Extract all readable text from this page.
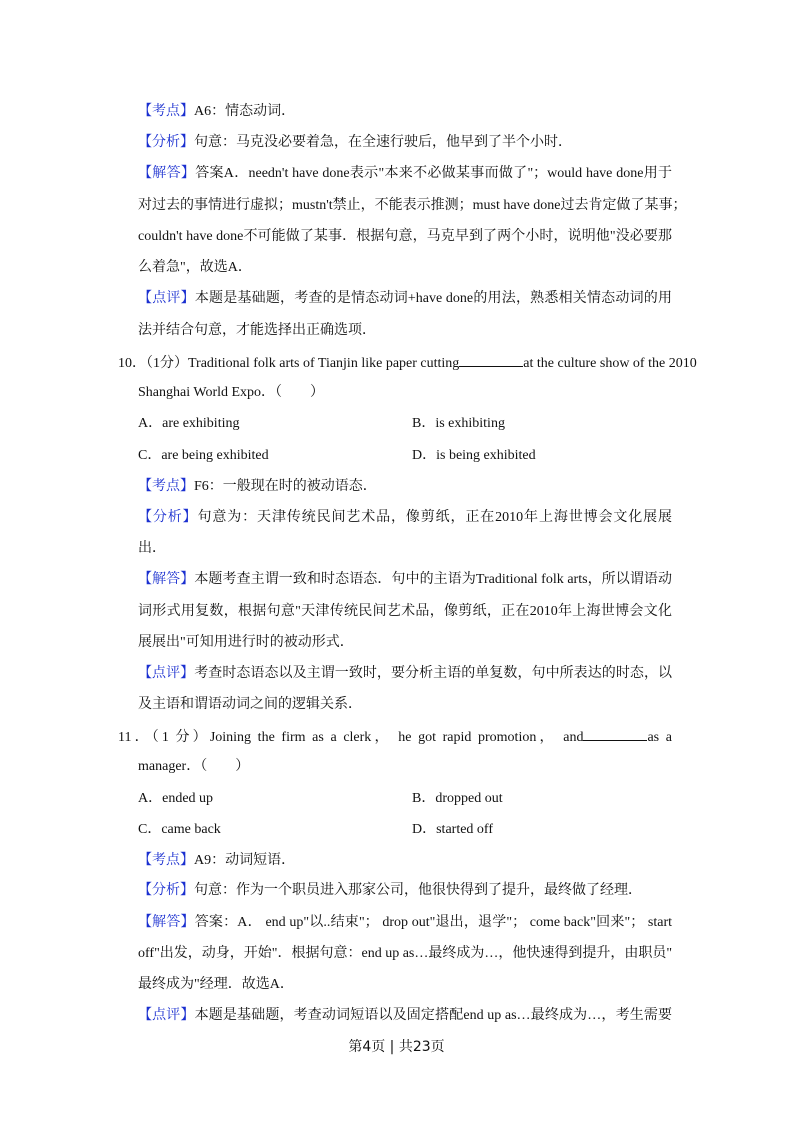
【考点】A6：情态动词．
【分析】句意：马克没必要着急，在全速行驶后，他早到了半个小时．
【解答】答案A．needn't have done表示"本来不必做某事而做了"；would have done用于
对过去的事情进行虚拟；mustn't禁止，不能表示推测；must have done过去肯定做了某事；
couldn't have done不可能做了某事．根据句意，马克早到了两个小时，说明他"没必要那
么着急"，故选A．
【点评】本题是基础题，考查的是情态动词+have done的用法，熟悉相关情态动词的用
法并结合句意，才能选择出正确选项．
10．（1分）Traditional folk arts of Tianjin like paper cutting	at the culture show of the 2010
Shanghai World Expo．（　　）
A．are exhibiting	B．is exhibiting
C．are being exhibited	D．is being exhibited
【考点】F6：一般现在时的被动语态．
【分析】句意为：天津传统民间艺术品，像剪纸，正在2010年上海世博会文化展展
出．
【解答】本题考查主谓一致和时态语态．句中的主语为Traditional folk arts，所以谓语动
词形式用复数，根据句意"天津传统民间艺术品，像剪纸，正在2010年上海世博会文化
展展出"可知用进行时的被动形式．
【点评】考查时态语态以及主谓一致时，要分析主语的单复数，句中所表达的时态，以
及主语和谓语动词之间的逻辑关系．
11．（1 分）Joining the firm as a clerk， he got rapid promotion， and	as a
manager．（　　）
A．ended up	B．dropped out
C．came back	D．started off
【考点】A9：动词短语．
【分析】句意：作为一个职员进入那家公司，他很快得到了提升，最终做了经理．
【解答】答案：A． end up"以..结束"； drop out"退出，退学"； come back"回来"； start
off"出发，动身，开始"．根据句意：end up as…最终成为…，他快速得到提升，由职员"
最终成为"经理．故选A．
【点评】本题是基础题，考查动词短语以及固定搭配end up as…最终成为…，考生需要
第4页 | 共23页
